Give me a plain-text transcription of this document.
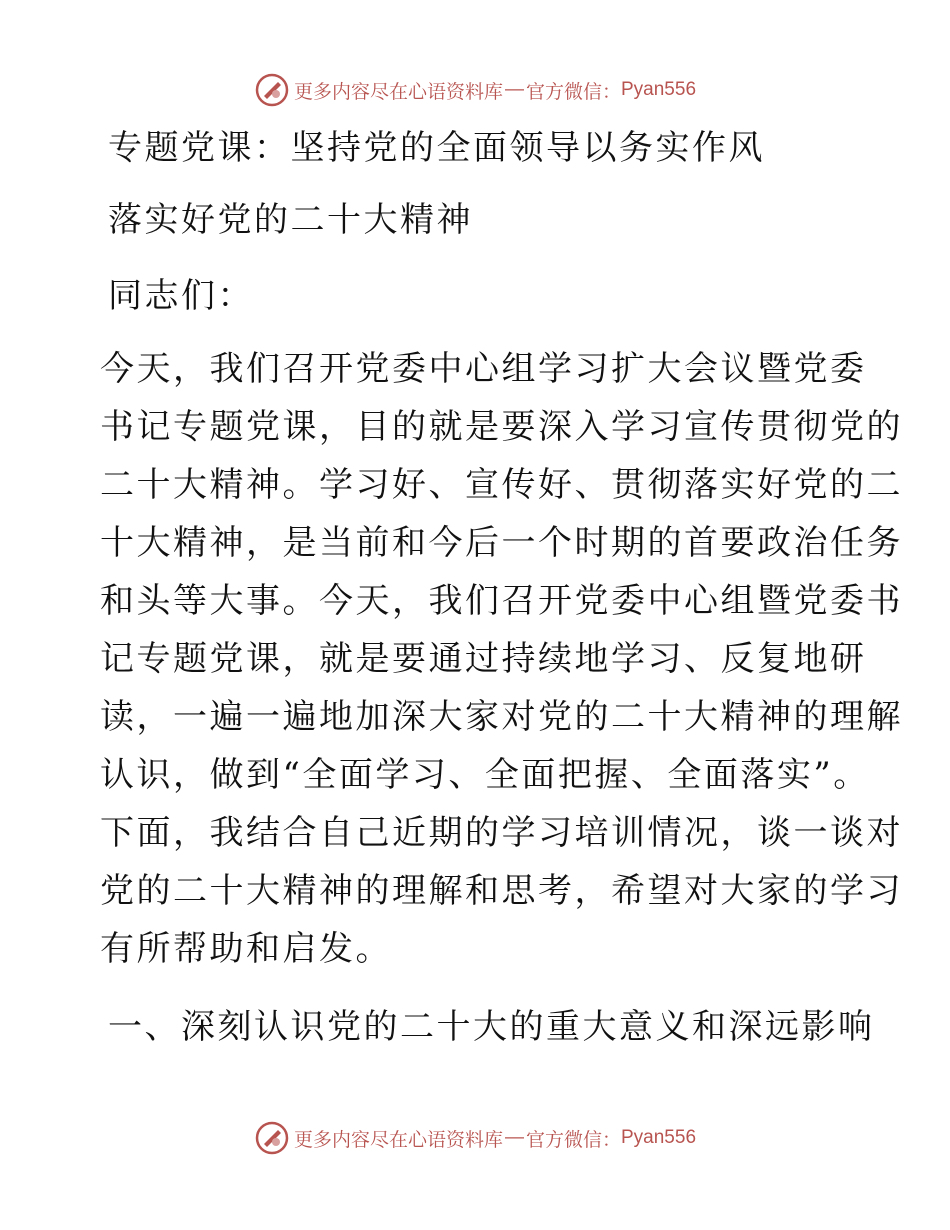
更多内容尽在心语资料库 — 官方微信： Pyan556
专题党课：坚持党的全面领导以务实作风
落实好党的二十大精神
同志们：
今天，我们召开党委中心组学习扩大会议暨党委
书记专题党课，目的就是要深入学习宣传贯彻党的
二十大精神。学习好、宣传好、贯彻落实好党的二
十大精神，是当前和今后一个时期的首要政治任务
和头等大事。今天，我们召开党委中心组暨党委书
记专题党课，就是要通过持续地学习、反复地研
读，一遍一遍地加深大家对党的二十大精神的理解
认识，做到“全面学习、全面把握、全面落实”。
下面，我结合自己近期的学习培训情况，谈一谈对
党的二十大精神的理解和思考，希望对大家的学习
有所帮助和启发。
一、深刻认识党的二十大的重大意义和深远影响
更多内容尽在心语资料库 — 官方微信： Pyan556
